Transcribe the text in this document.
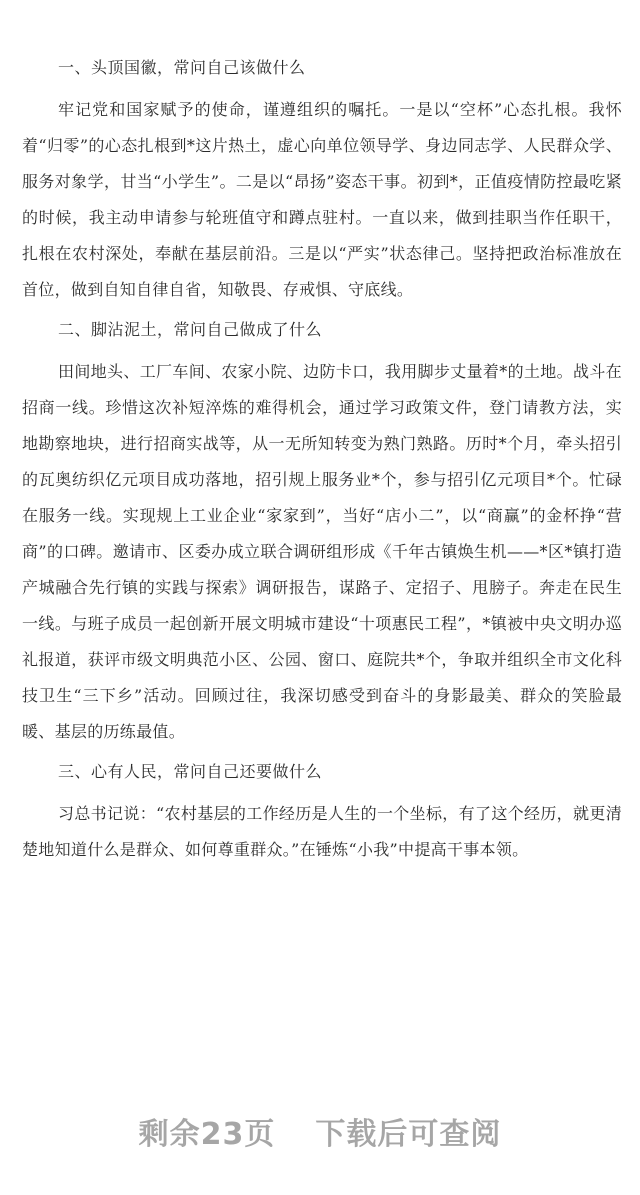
一、头顶国徽，常问自己该做什么

牢记党和国家赋予的使命，谨遵组织的嘱托。一是以“空杯”心态扎根。我怀着“归零”的心态扎根到*这片热土，虚心向单位领导学、身边同志学、人民群众学、服务对象学，甘当“小学生”。二是以“昂扬”姿态干事。初到*，正值疫情防控最吃紧的时候，我主动申请参与轮班值守和蹲点驻村。一直以来，做到挂职当作任职干，扎根在农村深处，奉献在基层前沿。三是以“严实”状态律己。坚持把政治标准放在首位，做到自知自律自省，知敬畏、存戒惧、守底线。

二、脚沾泥土，常问自己做成了什么

田间地头、工厂车间、农家小院、边防卡口，我用脚步丈量着*的土地。战斗在招商一线。珍惜这次补短淬炼的难得机会，通过学习政策文件，登门请教方法，实地勘察地块，进行招商实战等，从一无所知转变为熟门熟路。历时*个月，牵头招引的瓦奥纺织亿元项目成功落地，招引规上服务业*个，参与招引亿元项目*个。忙碌在服务一线。实现规上工业企业“家家到”，当好“店小二”，以“商赢”的金杯挣“营商”的口碑。邀请市、区委办成立联合调研组形成《千年古镇焕生机——*区*镇打造产城融合先行镇的实践与探索》调研报告，谋路子、定招子、甩膀子。奔走在民生一线。与班子成员一起创新开展文明城市建设“十项惠民工程”，*镇被中央文明办巡礼报道，获评市级文明典范小区、公园、窗口、庭院共*个，争取并组织全市文化科技卫生“三下乡”活动。回顾过往，我深切感受到奋斗的身影最美、群众的笑脸最暖、基层的历练最值。

三、心有人民，常问自己还要做什么

习总书记说：“农村基层的工作经历是人生的一个坐标，有了这个经历，就更清楚地知道什么是群众、如何尊重群众。”在锤炼“小我”中提高干事本领。

剩余23页 下载后可查阅
